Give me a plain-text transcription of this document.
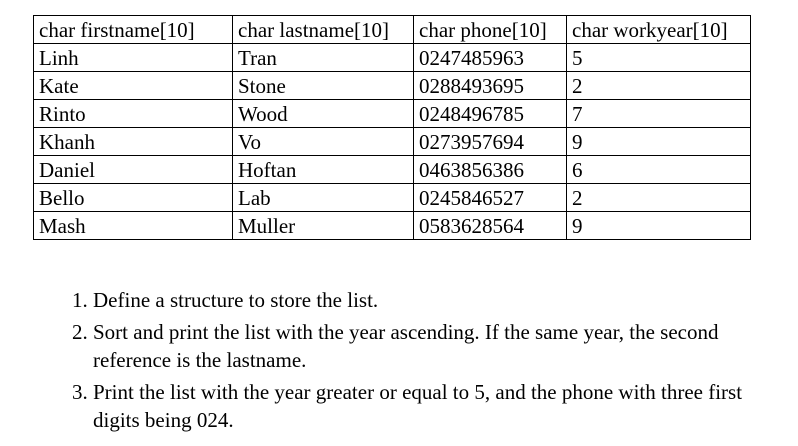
char firstname[10]	char lastname[10]	char phone[10]	char workyear[10]
Linh	Tran	0247485963	5
Kate	Stone	0288493695	2
Rinto	Wood	0248496785	7
Khanh	Vo	0273957694	9
Daniel	Hoftan	0463856386	6
Bello	Lab	0245846527	2
Mash	Muller	0583628564	9
1. Define a structure to store the list.
2. Sort and print the list with the year ascending. If the same year, the second reference is the lastname.
3. Print the list with the year greater or equal to 5, and the phone with three first digits being 024.
